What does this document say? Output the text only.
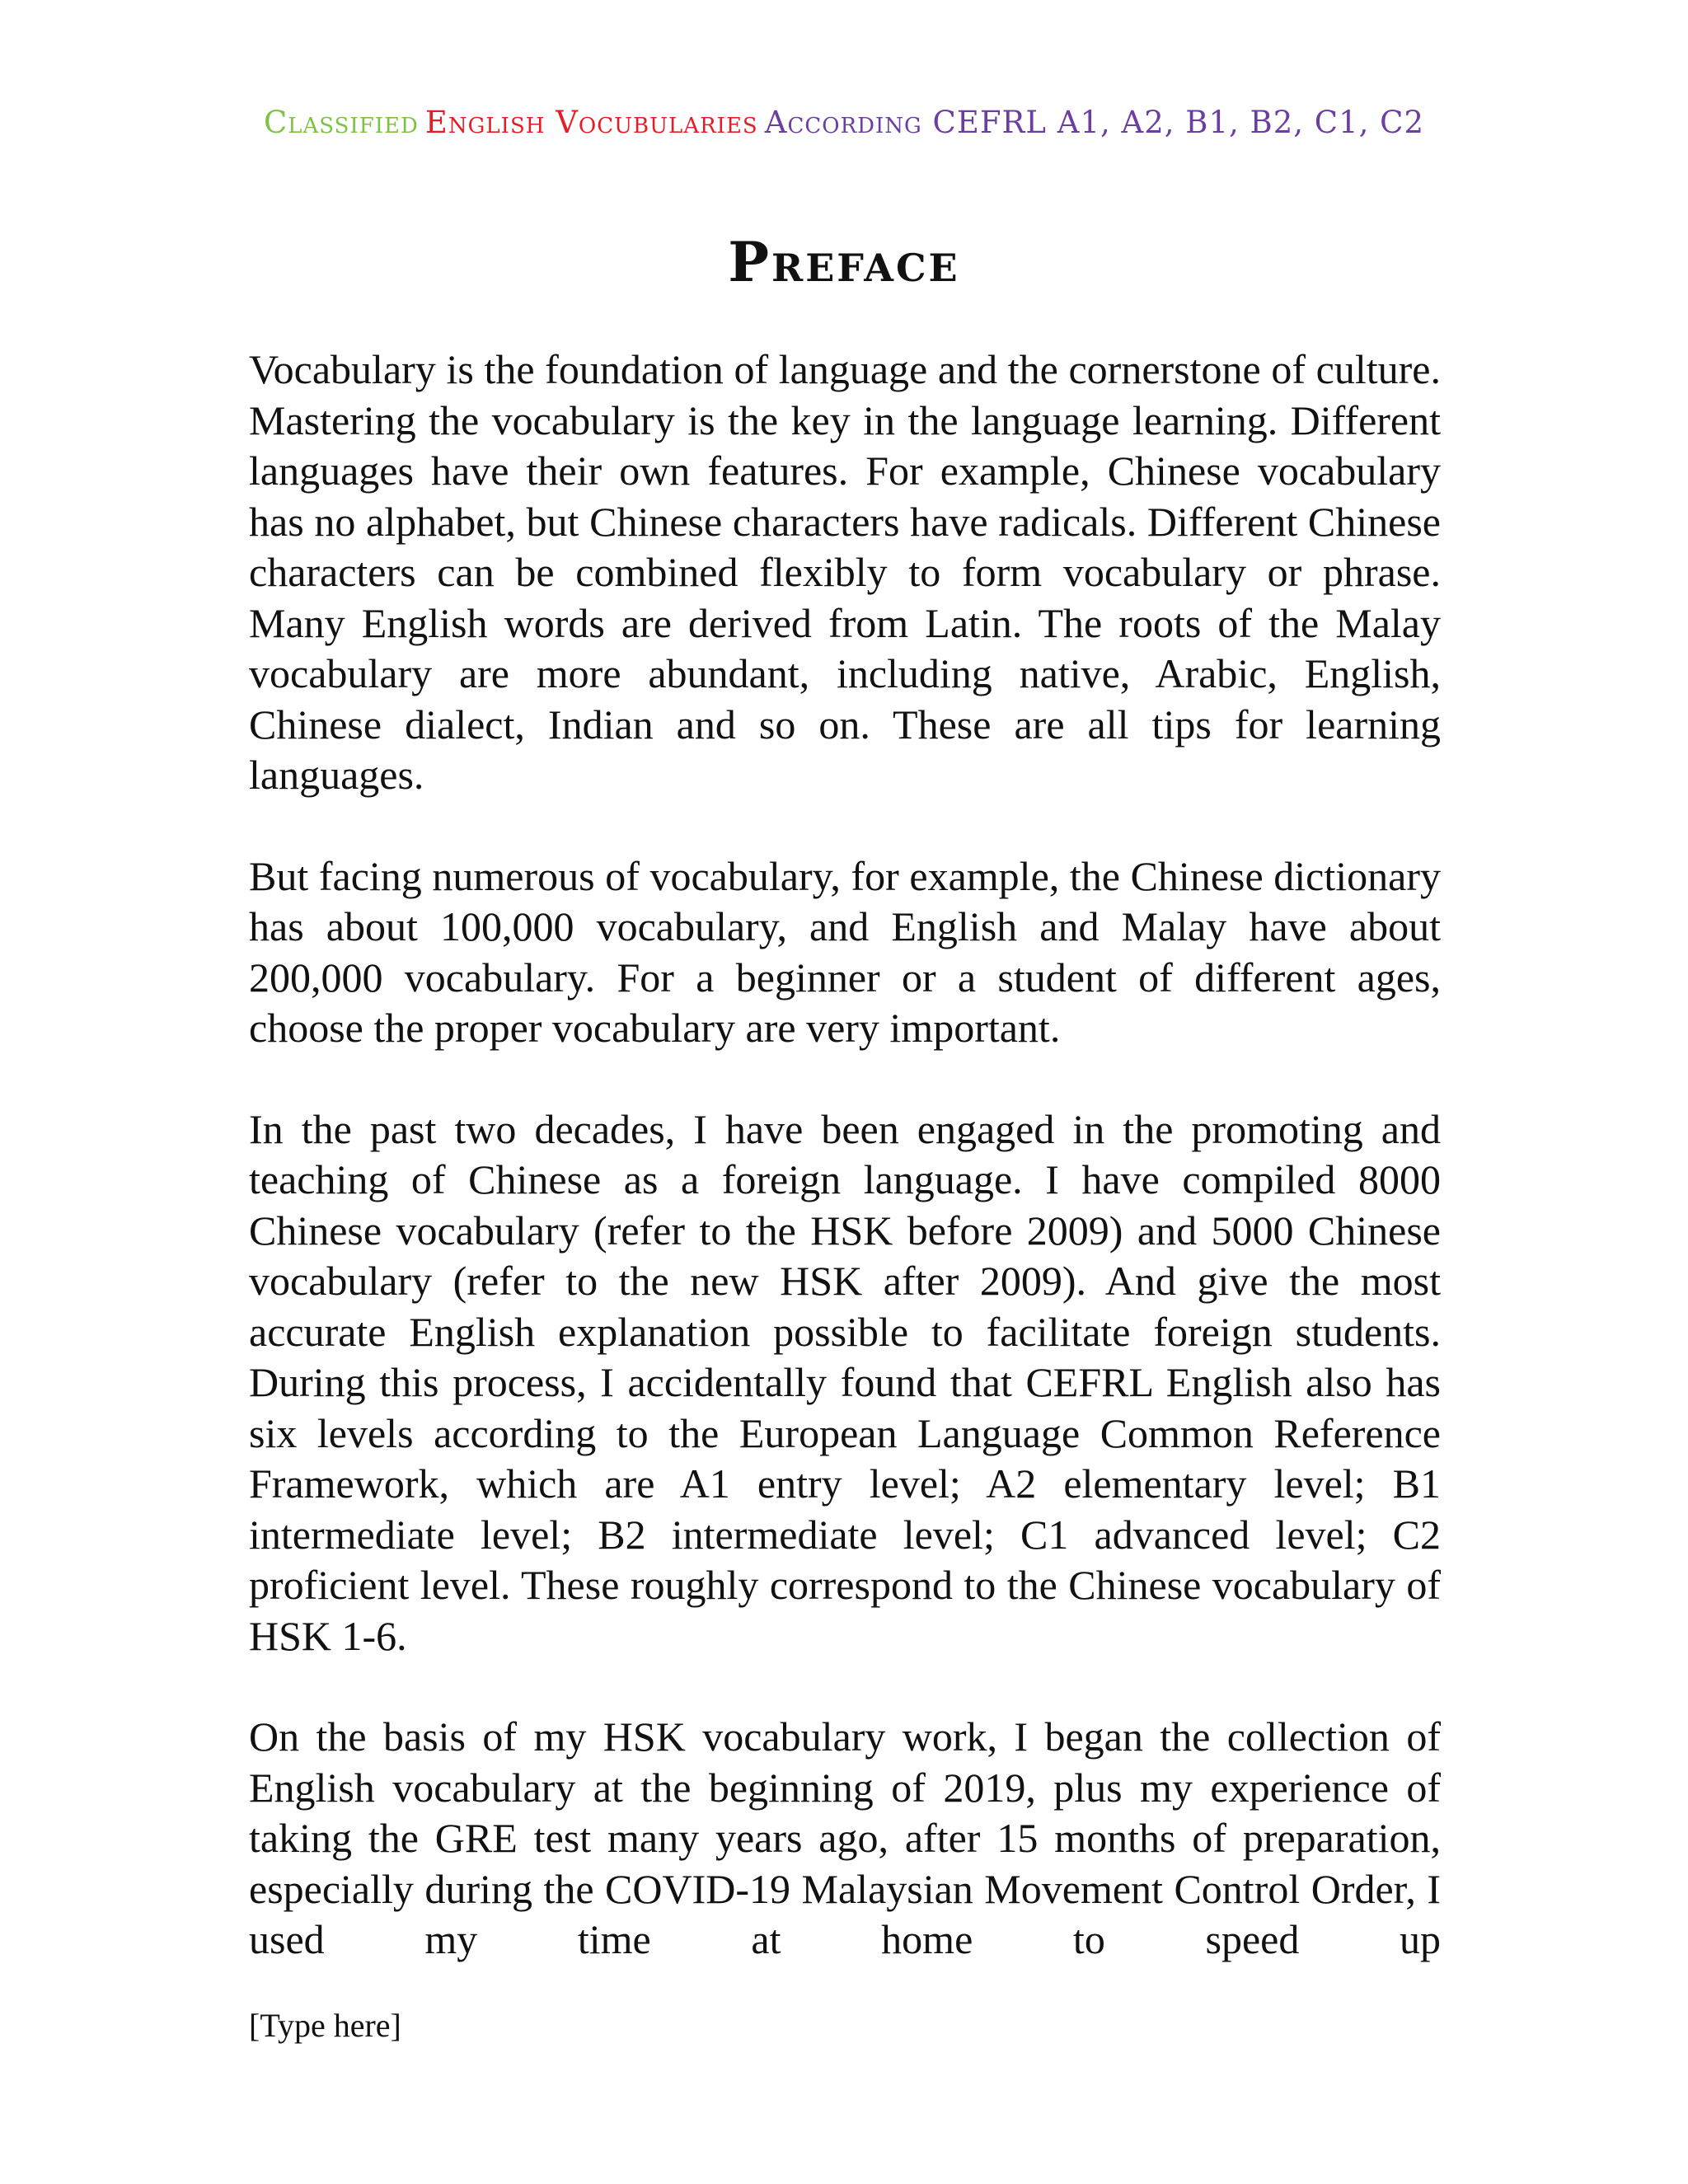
Classified English Vocubularies According CEFRL A1, A2, B1, B2, C1, C2
Preface

Vocabulary is the foundation of language and the cornerstone of culture. Mastering the vocabulary is the key in the language learning. Different languages have their own features. For example, Chinese vocabulary has no alphabet, but Chinese characters have radicals. Different Chinese characters can be combined flexibly to form vocabulary or phrase. Many English words are derived from Latin. The roots of the Malay vocabulary are more abundant, including native, Arabic, English, Chinese dialect, Indian and so on. These are all tips for learning languages.

But facing numerous of vocabulary, for example, the Chinese dictionary has about 100,000 vocabulary, and English and Malay have about 200,000 vocabulary. For a beginner or a student of different ages, choose the proper vocabulary are very important.

In the past two decades, I have been engaged in the promoting and teaching of Chinese as a foreign language. I have compiled 8000 Chinese vocabulary (refer to the HSK before 2009) and 5000 Chinese vocabulary (refer to the new HSK after 2009). And give the most accurate English explanation possible to facilitate foreign students. During this process, I accidentally found that CEFRL English also has six levels according to the European Language Common Reference Framework, which are A1 entry level; A2 elementary level; B1 intermediate level; B2 intermediate level; C1 advanced level; C2 proficient level. These roughly correspond to the Chinese vocabulary of HSK 1-6.

On the basis of my HSK vocabulary work, I began the collection of English vocabulary at the beginning of 2019, plus my experience of taking the GRE test many years ago, after 15 months of preparation, especially during the COVID-19 Malaysian Movement Control Order, I used my time at home to speed up

[Type here]
